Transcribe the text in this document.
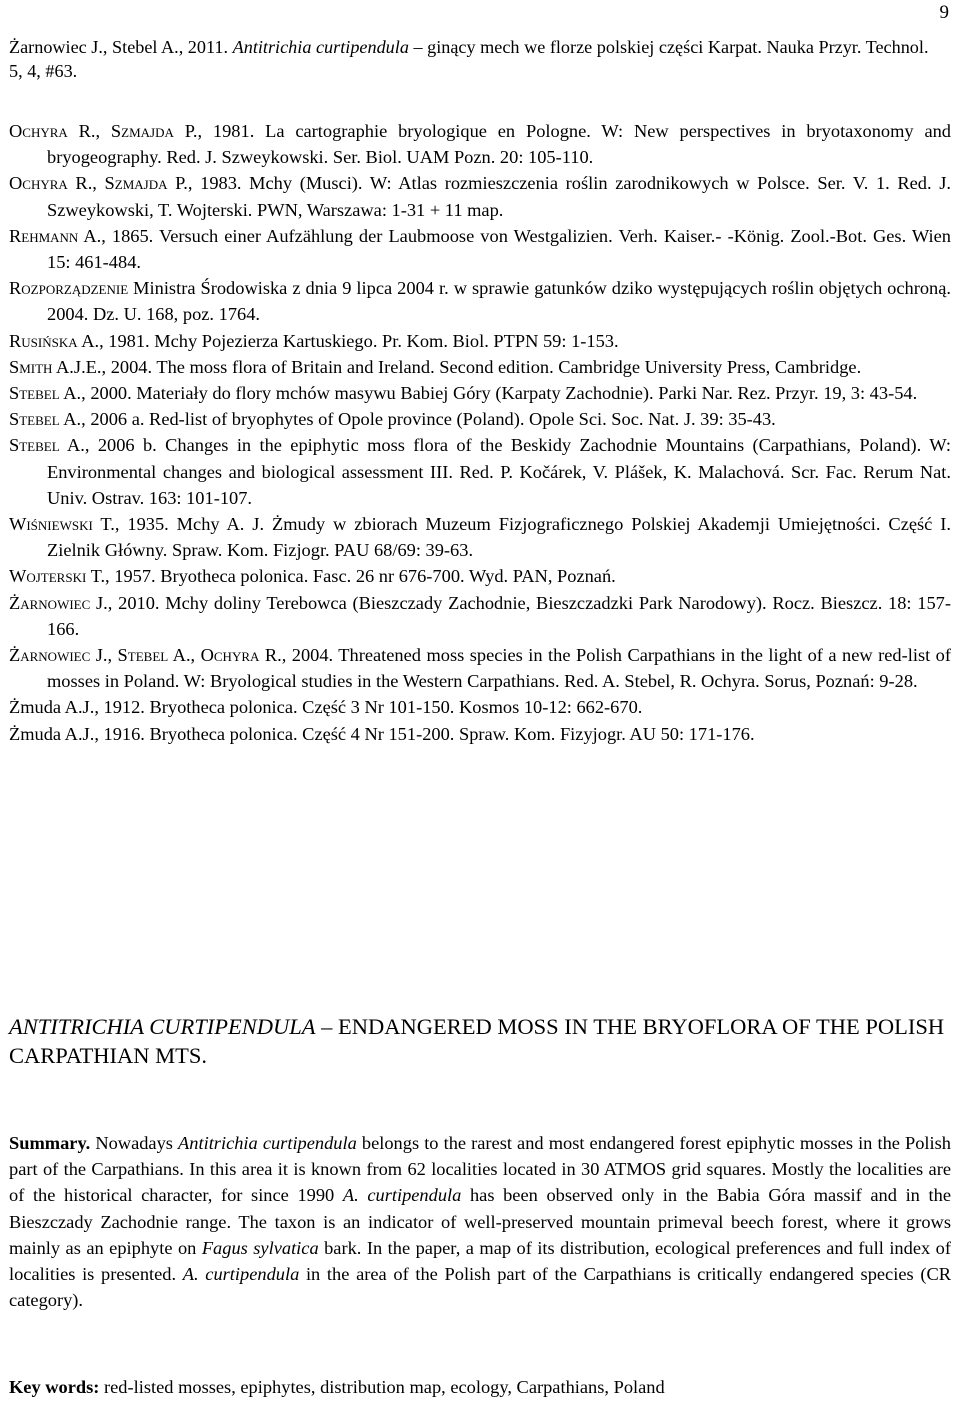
9
Żarnowiec J., Stebel A., 2011. Antitrichia curtipendula – ginący mech we florze polskiej części Karpat. Nauka Przyr. Technol. 5, 4, #63.

Ochyra R., Szmajda P., 1981. La cartographie bryologique en Pologne. W: New perspectives in bryotaxonomy and bryogeography. Red. J. Szweykowski. Ser. Biol. UAM Pozn. 20: 105-110.

Ochyra R., Szmajda P., 1983. Mchy (Musci). W: Atlas rozmieszczenia roślin zarodnikowych w Polsce. Ser. V. 1. Red. J. Szweykowski, T. Wojterski. PWN, Warszawa: 1-31 + 11 map.

Rehmann A., 1865. Versuch einer Aufzählung der Laubmoose von Westgalizien. Verh. Kaiser.- -König. Zool.-Bot. Ges. Wien 15: 461-484.

Rozporządzenie Ministra Środowiska z dnia 9 lipca 2004 r. w sprawie gatunków dziko występujących roślin objętych ochroną. 2004. Dz. U. 168, poz. 1764.

Rusińska A., 1981. Mchy Pojezierza Kartuskiego. Pr. Kom. Biol. PTPN 59: 1-153.

Smith A.J.E., 2004. The moss flora of Britain and Ireland. Second edition. Cambridge University Press, Cambridge.

Stebel A., 2000. Materiały do flory mchów masywu Babiej Góry (Karpaty Zachodnie). Parki Nar. Rez. Przyr. 19, 3: 43-54.

Stebel A., 2006 a. Red-list of bryophytes of Opole province (Poland). Opole Sci. Soc. Nat. J. 39: 35-43.

Stebel A., 2006 b. Changes in the epiphytic moss flora of the Beskidy Zachodnie Mountains (Carpathians, Poland). W: Environmental changes and biological assessment III. Red. P. Kočárek, V. Plášek, K. Malachová. Scr. Fac. Rerum Nat. Univ. Ostrav. 163: 101-107.

Wiśniewski T., 1935. Mchy A. J. Żmudy w zbiorach Muzeum Fizjograficznego Polskiej Akademji Umiejętności. Część I. Zielnik Główny. Spraw. Kom. Fizjogr. PAU 68/69: 39-63.

Wojterski T., 1957. Bryotheca polonica. Fasc. 26 nr 676-700. Wyd. PAN, Poznań.

Żarnowiec J., 2010. Mchy doliny Terebowca (Bieszczady Zachodnie, Bieszczadzki Park Narodowy). Rocz. Bieszcz. 18: 157-166.

Żarnowiec J., Stebel A., Ochyra R., 2004. Threatened moss species in the Polish Carpathians in the light of a new red-list of mosses in Poland. W: Bryological studies in the Western Carpathians. Red. A. Stebel, R. Ochyra. Sorus, Poznań: 9-28.

Żmuda A.J., 1912. Bryotheca polonica. Część 3 Nr 101-150. Kosmos 10-12: 662-670.

Żmuda A.J., 1916. Bryotheca polonica. Część 4 Nr 151-200. Spraw. Kom. Fizyjogr. AU 50: 171-176.

ANTITRICHIA CURTIPENDULA – ENDANGERED MOSS IN THE BRYOFLORA OF THE POLISH CARPATHIAN MTS.

Summary. Nowadays Antitrichia curtipendula belongs to the rarest and most endangered forest epiphytic mosses in the Polish part of the Carpathians. In this area it is known from 62 localities located in 30 ATMOS grid squares. Mostly the localities are of the historical character, for since 1990 A. curtipendula has been observed only in the Babia Góra massif and in the Bieszczady Zachodnie range. The taxon is an indicator of well-preserved mountain primeval beech forest, where it grows mainly as an epiphyte on Fagus sylvatica bark. In the paper, a map of its distribution, ecological preferences and full index of localities is presented. A. curtipendula in the area of the Polish part of the Carpathians is critically endangered species (CR category).

Key words: red-listed mosses, epiphytes, distribution map, ecology, Carpathians, Poland
